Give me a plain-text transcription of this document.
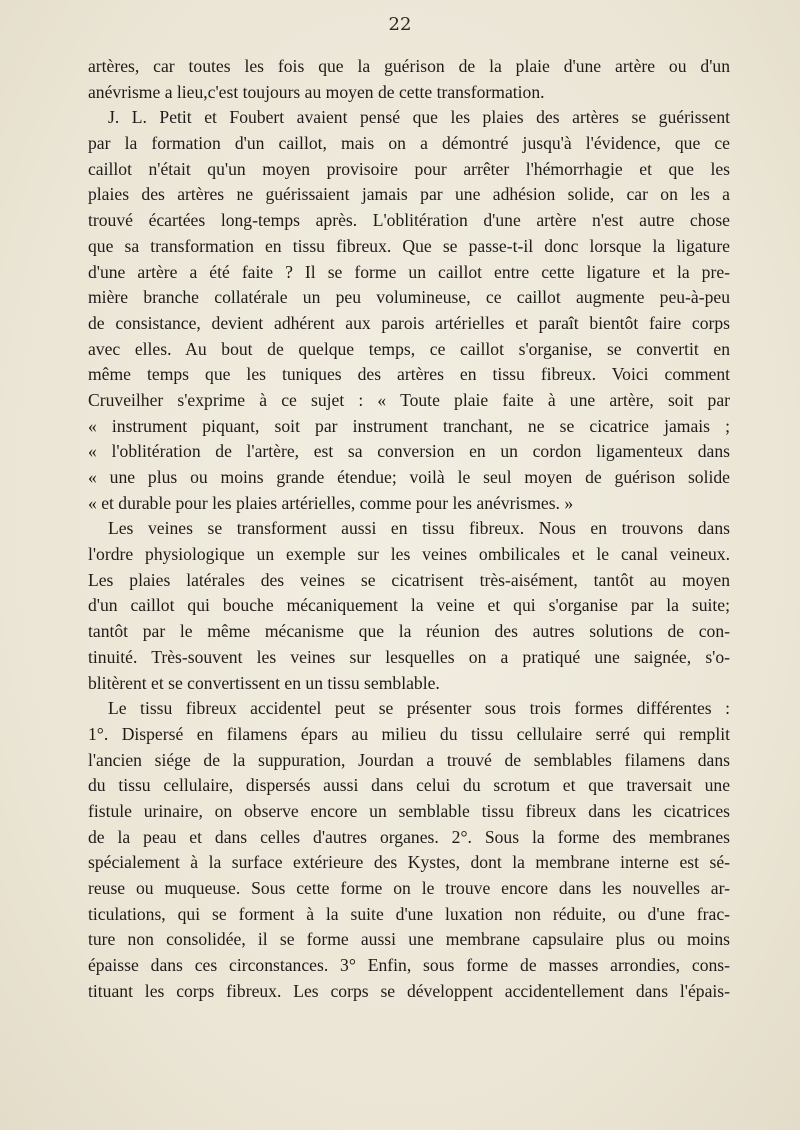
22
artères, car toutes les fois que la guérison de la plaie d'une artère ou d'un
anévrisme a lieu,c'est toujours au moyen de cette transformation.
J. L. Petit et Foubert avaient pensé que les plaies des artères se guérissent
par la formation d'un caillot, mais on a démontré jusqu'à l'évidence, que ce
caillot n'était qu'un moyen provisoire pour arrêter l'hémorrhagie et que les
plaies des artères ne guérissaient jamais par une adhésion solide, car on les a
trouvé écartées long-temps après. L'oblitération d'une artère n'est autre chose
que sa transformation en tissu fibreux. Que se passe-t-il donc lorsque la ligature
d'une artère a été faite ? Il se forme un caillot entre cette ligature et la pre-
mière branche collatérale un peu volumineuse, ce caillot augmente peu-à-peu
de consistance, devient adhérent aux parois artérielles et paraît bientôt faire corps
avec elles. Au bout de quelque temps, ce caillot s'organise, se convertit en
même temps que les tuniques des artères en tissu fibreux. Voici comment
Cruveilher s'exprime à ce sujet : « Toute plaie faite à une artère, soit par
« instrument piquant, soit par instrument tranchant, ne se cicatrice jamais ;
« l'oblitération de l'artère, est sa conversion en un cordon ligamenteux dans
« une plus ou moins grande étendue; voilà le seul moyen de guérison solide
« et durable pour les plaies artérielles, comme pour les anévrismes. »
Les veines se transforment aussi en tissu fibreux. Nous en trouvons dans
l'ordre physiologique un exemple sur les veines ombilicales et le canal veineux.
Les plaies latérales des veines se cicatrisent très-aisément, tantôt au moyen
d'un caillot qui bouche mécaniquement la veine et qui s'organise par la suite;
tantôt par le même mécanisme que la réunion des autres solutions de con-
tinuité. Très-souvent les veines sur lesquelles on a pratiqué une saignée, s'o-
blitèrent et se convertissent en un tissu semblable.
Le tissu fibreux accidentel peut se présenter sous trois formes différentes :
1°. Dispersé en filamens épars au milieu du tissu cellulaire serré qui remplit
l'ancien siége de la suppuration, Jourdan a trouvé de semblables filamens dans
du tissu cellulaire, dispersés aussi dans celui du scrotum et que traversait une
fistule urinaire, on observe encore un semblable tissu fibreux dans les cicatrices
de la peau et dans celles d'autres organes. 2°. Sous la forme des membranes
spécialement à la surface extérieure des Kystes, dont la membrane interne est sé-
reuse ou muqueuse. Sous cette forme on le trouve encore dans les nouvelles ar-
ticulations, qui se forment à la suite d'une luxation non réduite, ou d'une frac-
ture non consolidée, il se forme aussi une membrane capsulaire plus ou moins
épaisse dans ces circonstances. 3° Enfin, sous forme de masses arrondies, cons-
tituant les corps fibreux. Les corps se développent accidentellement dans l'épais-
